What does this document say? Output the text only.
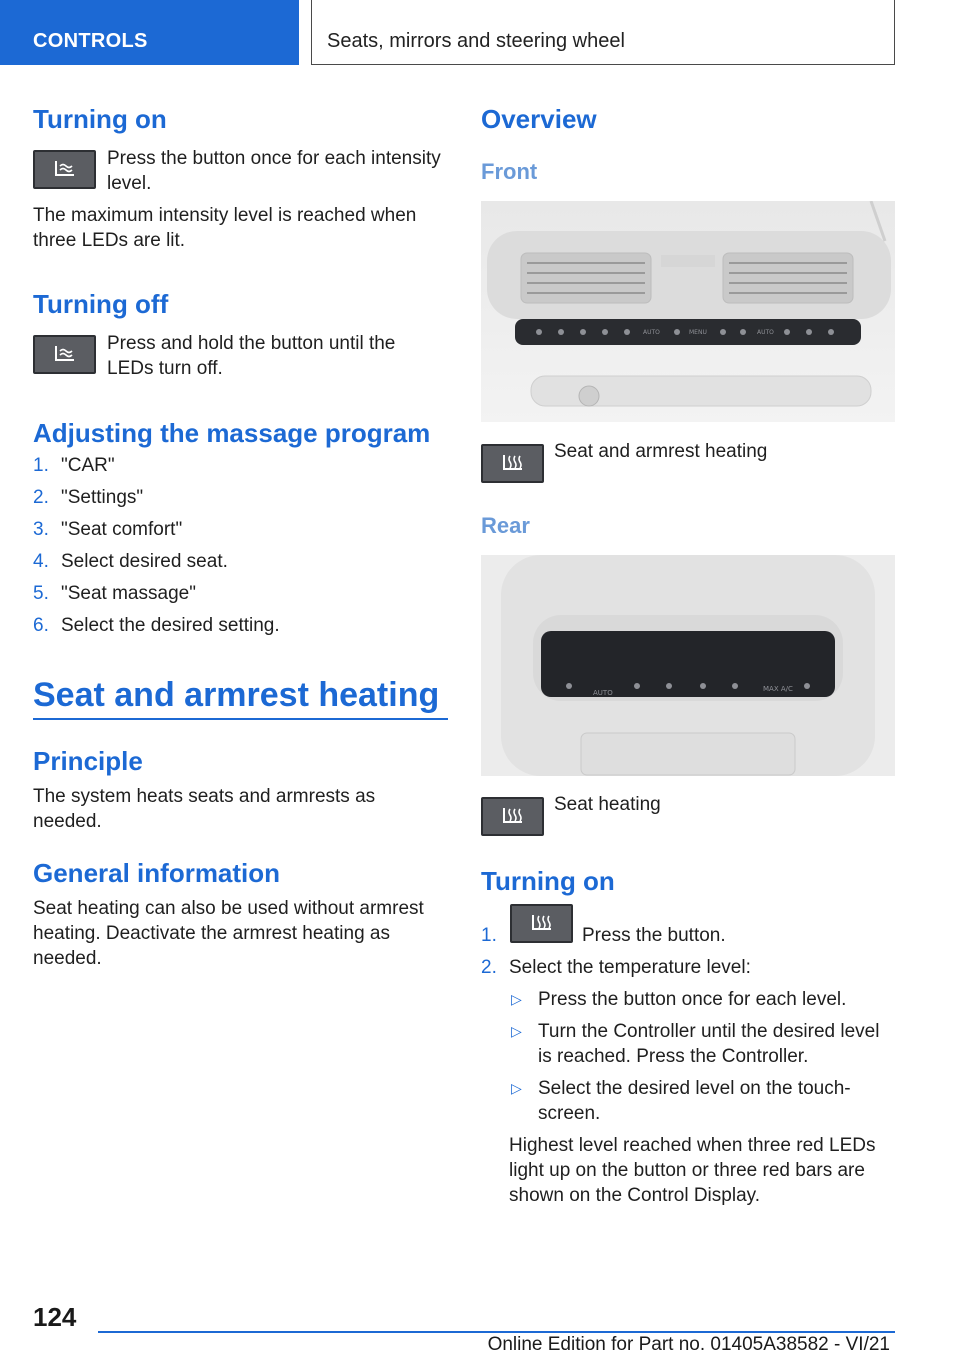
CONTROLS	Seats, mirrors and steering wheel
Turning on
Press the button once for each intensity level.
The maximum intensity level is reached when three LEDs are lit.
Turning off
Press and hold the button until the LEDs turn off.
Adjusting the massage program
1. "CAR"
2. "Settings"
3. "Seat comfort"
4. Select desired seat.
5. "Seat massage"
6. Select the desired setting.
Seat and armrest heating
Principle
The system heats seats and armrests as needed.
General information
Seat heating can also be used without armrest heating. Deactivate the armrest heating as needed.
Overview
Front
AUTO	MENU	AUTO
Seat and armrest heating
Rear
AUTO	MAX A/C
Seat heating
Turning on
1.	Press the button.
2. Select the temperature level:
▷ Press the button once for each level.
▷ Turn the Controller until the desired level is reached. Press the Controller.
▷ Select the desired level on the touch-screen.
Highest level reached when three red LEDs light up on the button or three red bars are shown on the Control Display.
124
Online Edition for Part no. 01405A38582 - VI/21
